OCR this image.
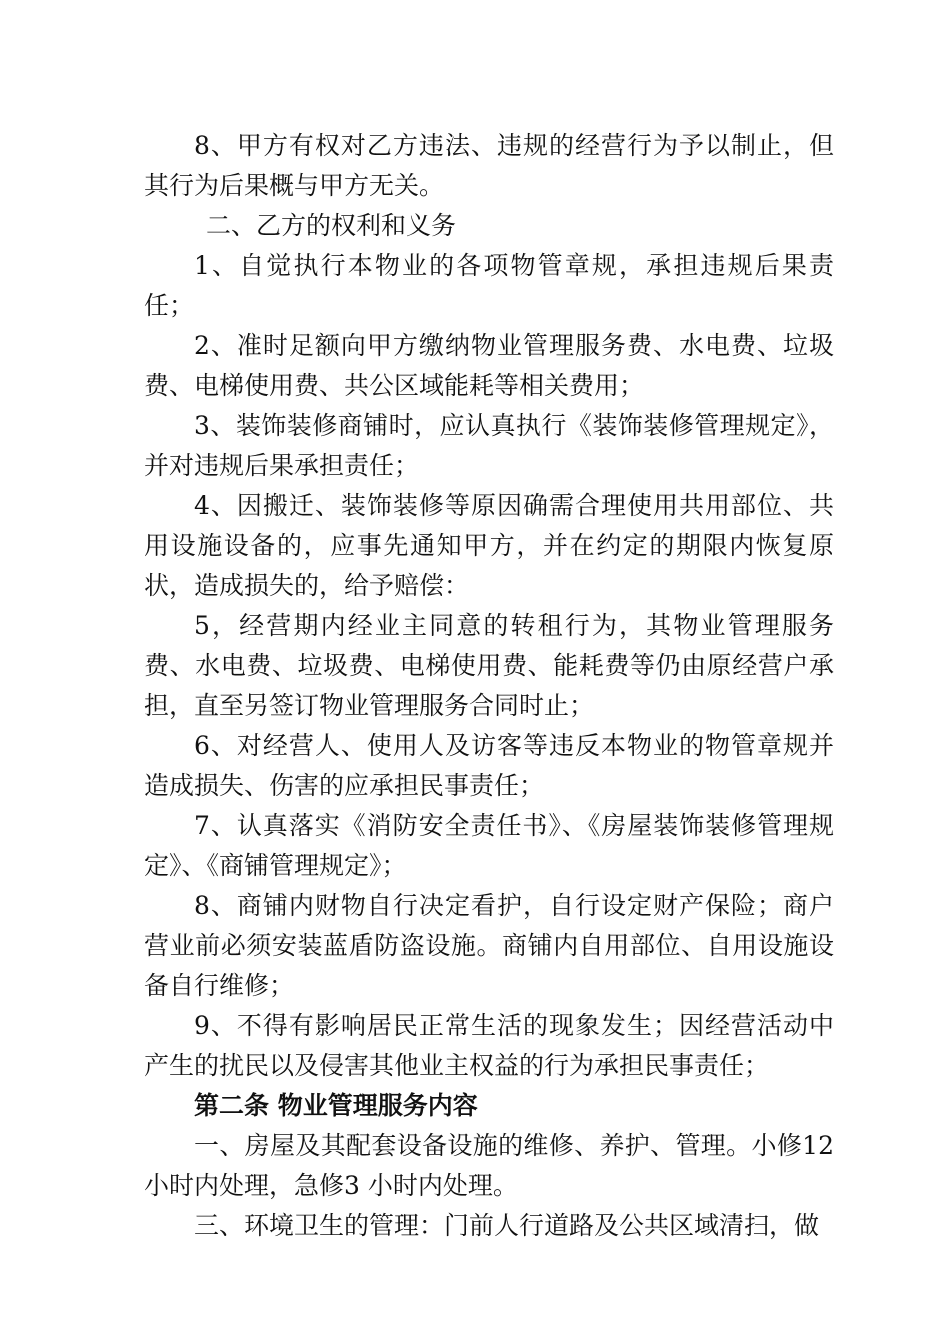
8、甲方有权对乙方违法、违规的经营行为予以制止，但其行为后果概与甲方无关。

二、乙方的权利和义务

1、自觉执行本物业的各项物管章规，承担违规后果责任；

2、准时足额向甲方缴纳物业管理服务费、水电费、垃圾费、电梯使用费、共公区域能耗等相关费用；

3、装饰装修商铺时，应认真执行《装饰装修管理规定》，并对违规后果承担责任；

4、因搬迁、装饰装修等原因确需合理使用共用部位、共用设施设备的，应事先通知甲方，并在约定的期限内恢复原状，造成损失的，给予赔偿：

5，经营期内经业主同意的转租行为，其物业管理服务费、水电费、垃圾费、电梯使用费、能耗费等仍由原经营户承担，直至另签订物业管理服务合同时止；

6、对经营人、使用人及访客等违反本物业的物管章规并造成损失、伤害的应承担民事责任；

7、认真落实《消防安全责任书》、《房屋装饰装修管理规定》、《商铺管理规定》；

8、商铺内财物自行决定看护，自行设定财产保险；商户营业前必须安装蓝盾防盗设施。商铺内自用部位、自用设施设备自行维修；

9、不得有影响居民正常生活的现象发生；因经营活动中产生的扰民以及侵害其他业主权益的行为承担民事责任；

第二条 物业管理服务内容

一、房屋及其配套设备设施的维修、养护、管理。小修12小时内处理，急修3 小时内处理。

三、环境卫生的管理：门前人行道路及公共区域清扫，做
